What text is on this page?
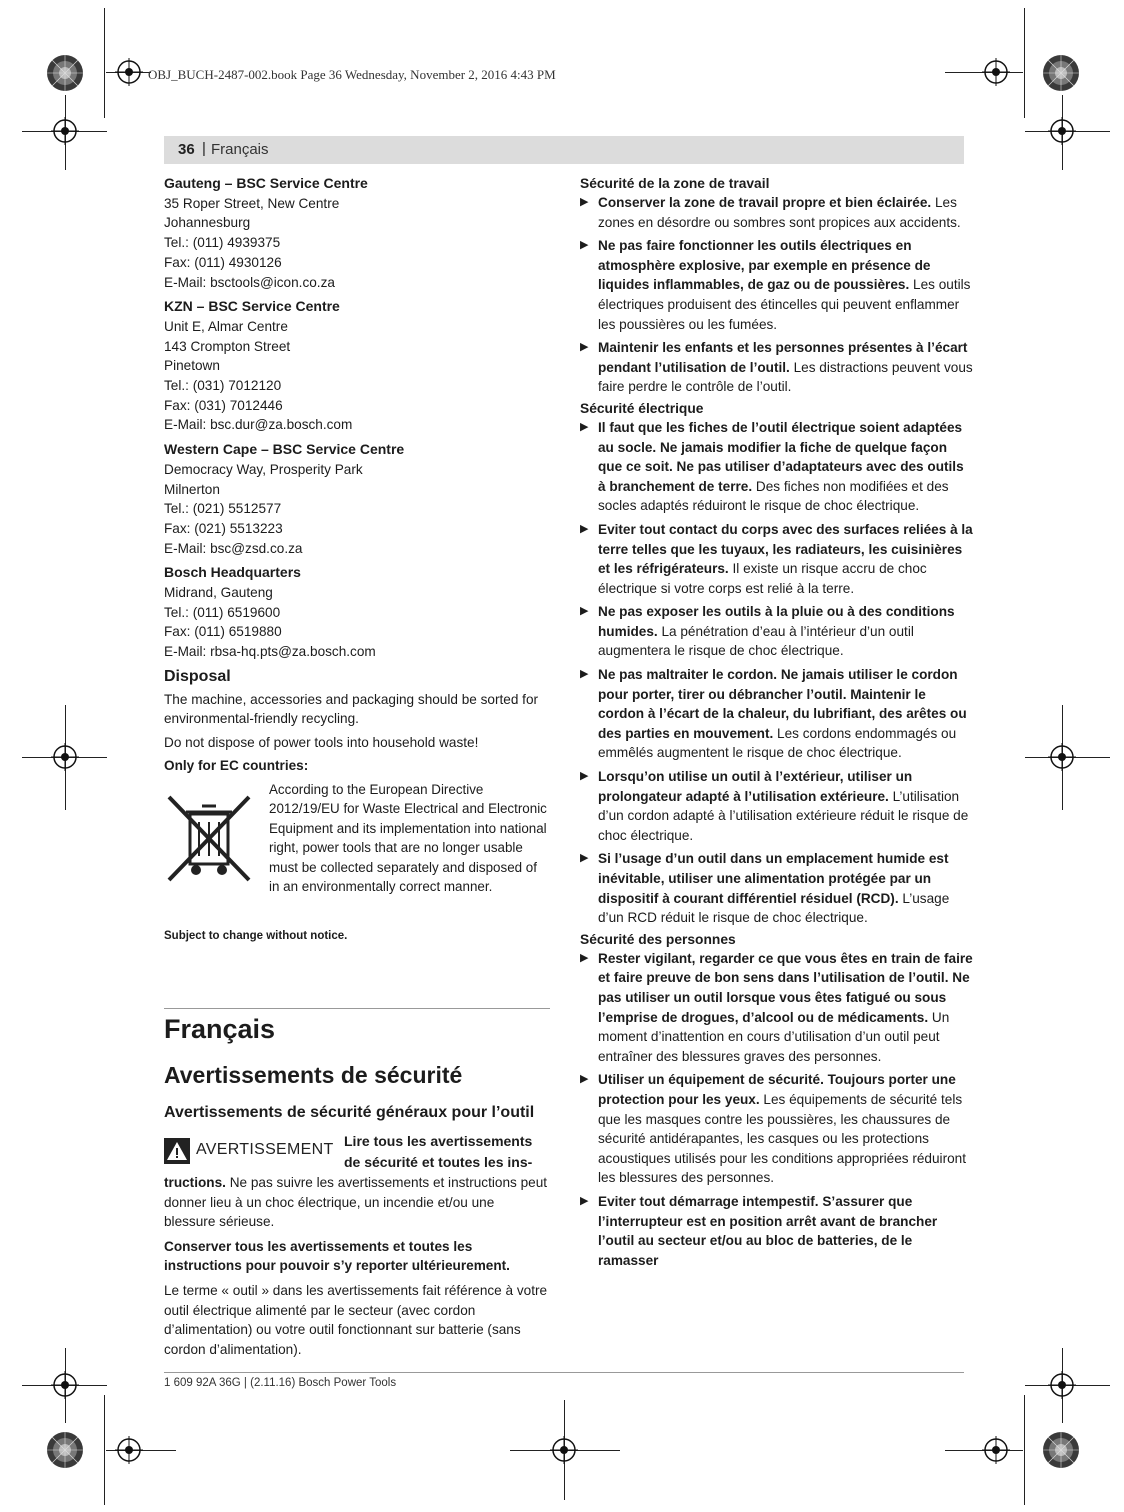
OBJ_BUCH-2487-002.book Page 36 Wednesday, November 2, 2016 4:43 PM
36 | Français
Gauteng – BSC Service Centre
35 Roper Street, New Centre
Johannesburg
Tel.: (011) 4939375
Fax: (011) 4930126
E-Mail: bsctools@icon.co.za
KZN – BSC Service Centre
Unit E, Almar Centre
143 Crompton Street
Pinetown
Tel.: (031) 7012120
Fax: (031) 7012446
E-Mail: bsc.dur@za.bosch.com
Western Cape – BSC Service Centre
Democracy Way, Prosperity Park
Milnerton
Tel.: (021) 5512577
Fax: (021) 5513223
E-Mail: bsc@zsd.co.za
Bosch Headquarters
Midrand, Gauteng
Tel.: (011) 6519600
Fax: (011) 6519880
E-Mail: rbsa-hq.pts@za.bosch.com
Disposal
The machine, accessories and packaging should be sorted for environmental-friendly recycling.
Do not dispose of power tools into household waste!
Only for EC countries:
According to the European Directive 2012/19/EU for Waste Electrical and Electronic Equipment and its implementation into national right, power tools that are no longer usable must be collected separately and disposed of in an environmentally correct manner.
Subject to change without notice.
Français
Avertissements de sécurité
Avertissements de sécurité généraux pour l’outil
AVERTISSEMENT Lire tous les avertissements
de sécurité et toutes les ins-

tructions. Ne pas suivre les avertissements et instructions peut donner lieu à un choc électrique, un incendie et/ou une blessure sérieuse.

Conserver tous les avertissements et toutes les instructions pour pouvoir s’y reporter ultérieurement.

Le terme « outil » dans les avertissements fait référence à votre outil électrique alimenté par le secteur (avec cordon d’alimentation) ou votre outil fonctionnant sur batterie (sans cordon d’alimentation).

Sécurité de la zone de travail
▶ Conserver la zone de travail propre et bien éclairée. Les zones en désordre ou sombres sont propices aux accidents.
▶ Ne pas faire fonctionner les outils électriques en atmosphère explosive, par exemple en présence de liquides inflammables, de gaz ou de poussières. Les outils électriques produisent des étincelles qui peuvent enflammer les poussières ou les fumées.
▶ Maintenir les enfants et les personnes présentes à l’écart pendant l’utilisation de l’outil. Les distractions peuvent vous faire perdre le contrôle de l’outil.
Sécurité électrique
▶ Il faut que les fiches de l’outil électrique soient adaptées au socle. Ne jamais modifier la fiche de quelque façon que ce soit. Ne pas utiliser d’adaptateurs avec des outils à branchement de terre. Des fiches non modifiées et des socles adaptés réduiront le risque de choc électrique.
▶ Eviter tout contact du corps avec des surfaces reliées à la terre telles que les tuyaux, les radiateurs, les cuisinières et les réfrigérateurs. Il existe un risque accru de choc électrique si votre corps est relié à la terre.
▶ Ne pas exposer les outils à la pluie ou à des conditions humides. La pénétration d’eau à l’intérieur d’un outil augmentera le risque de choc électrique.
▶ Ne pas maltraiter le cordon. Ne jamais utiliser le cordon pour porter, tirer ou débrancher l’outil. Maintenir le cordon à l’écart de la chaleur, du lubrifiant, des arêtes ou des parties en mouvement. Les cordons endommagés ou emmêlés augmentent le risque de choc électrique.
▶ Lorsqu’on utilise un outil à l’extérieur, utiliser un prolongateur adapté à l’utilisation extérieure. L’utilisation d’un cordon adapté à l’utilisation extérieure réduit le risque de choc électrique.
▶ Si l’usage d’un outil dans un emplacement humide est inévitable, utiliser une alimentation protégée par un dispositif à courant différentiel résiduel (RCD). L’usage d’un RCD réduit le risque de choc électrique.
Sécurité des personnes
▶ Rester vigilant, regarder ce que vous êtes en train de faire et faire preuve de bon sens dans l’utilisation de l’outil. Ne pas utiliser un outil lorsque vous êtes fatigué ou sous l’emprise de drogues, d’alcool ou de médicaments. Un moment d’inattention en cours d’utilisation d’un outil peut entraîner des blessures graves des personnes.
▶ Utiliser un équipement de sécurité. Toujours porter une protection pour les yeux. Les équipements de sécurité tels que les masques contre les poussières, les chaussures de sécurité antidérapantes, les casques ou les protections acoustiques utilisés pour les conditions appropriées réduiront les blessures des personnes.
▶ Eviter tout démarrage intempestif. S’assurer que l’interrupteur est en position arrêt avant de brancher l’outil au secteur et/ou au bloc de batteries, de le ramasser
1 609 92A 36G | (2.11.16) Bosch Power Tools
